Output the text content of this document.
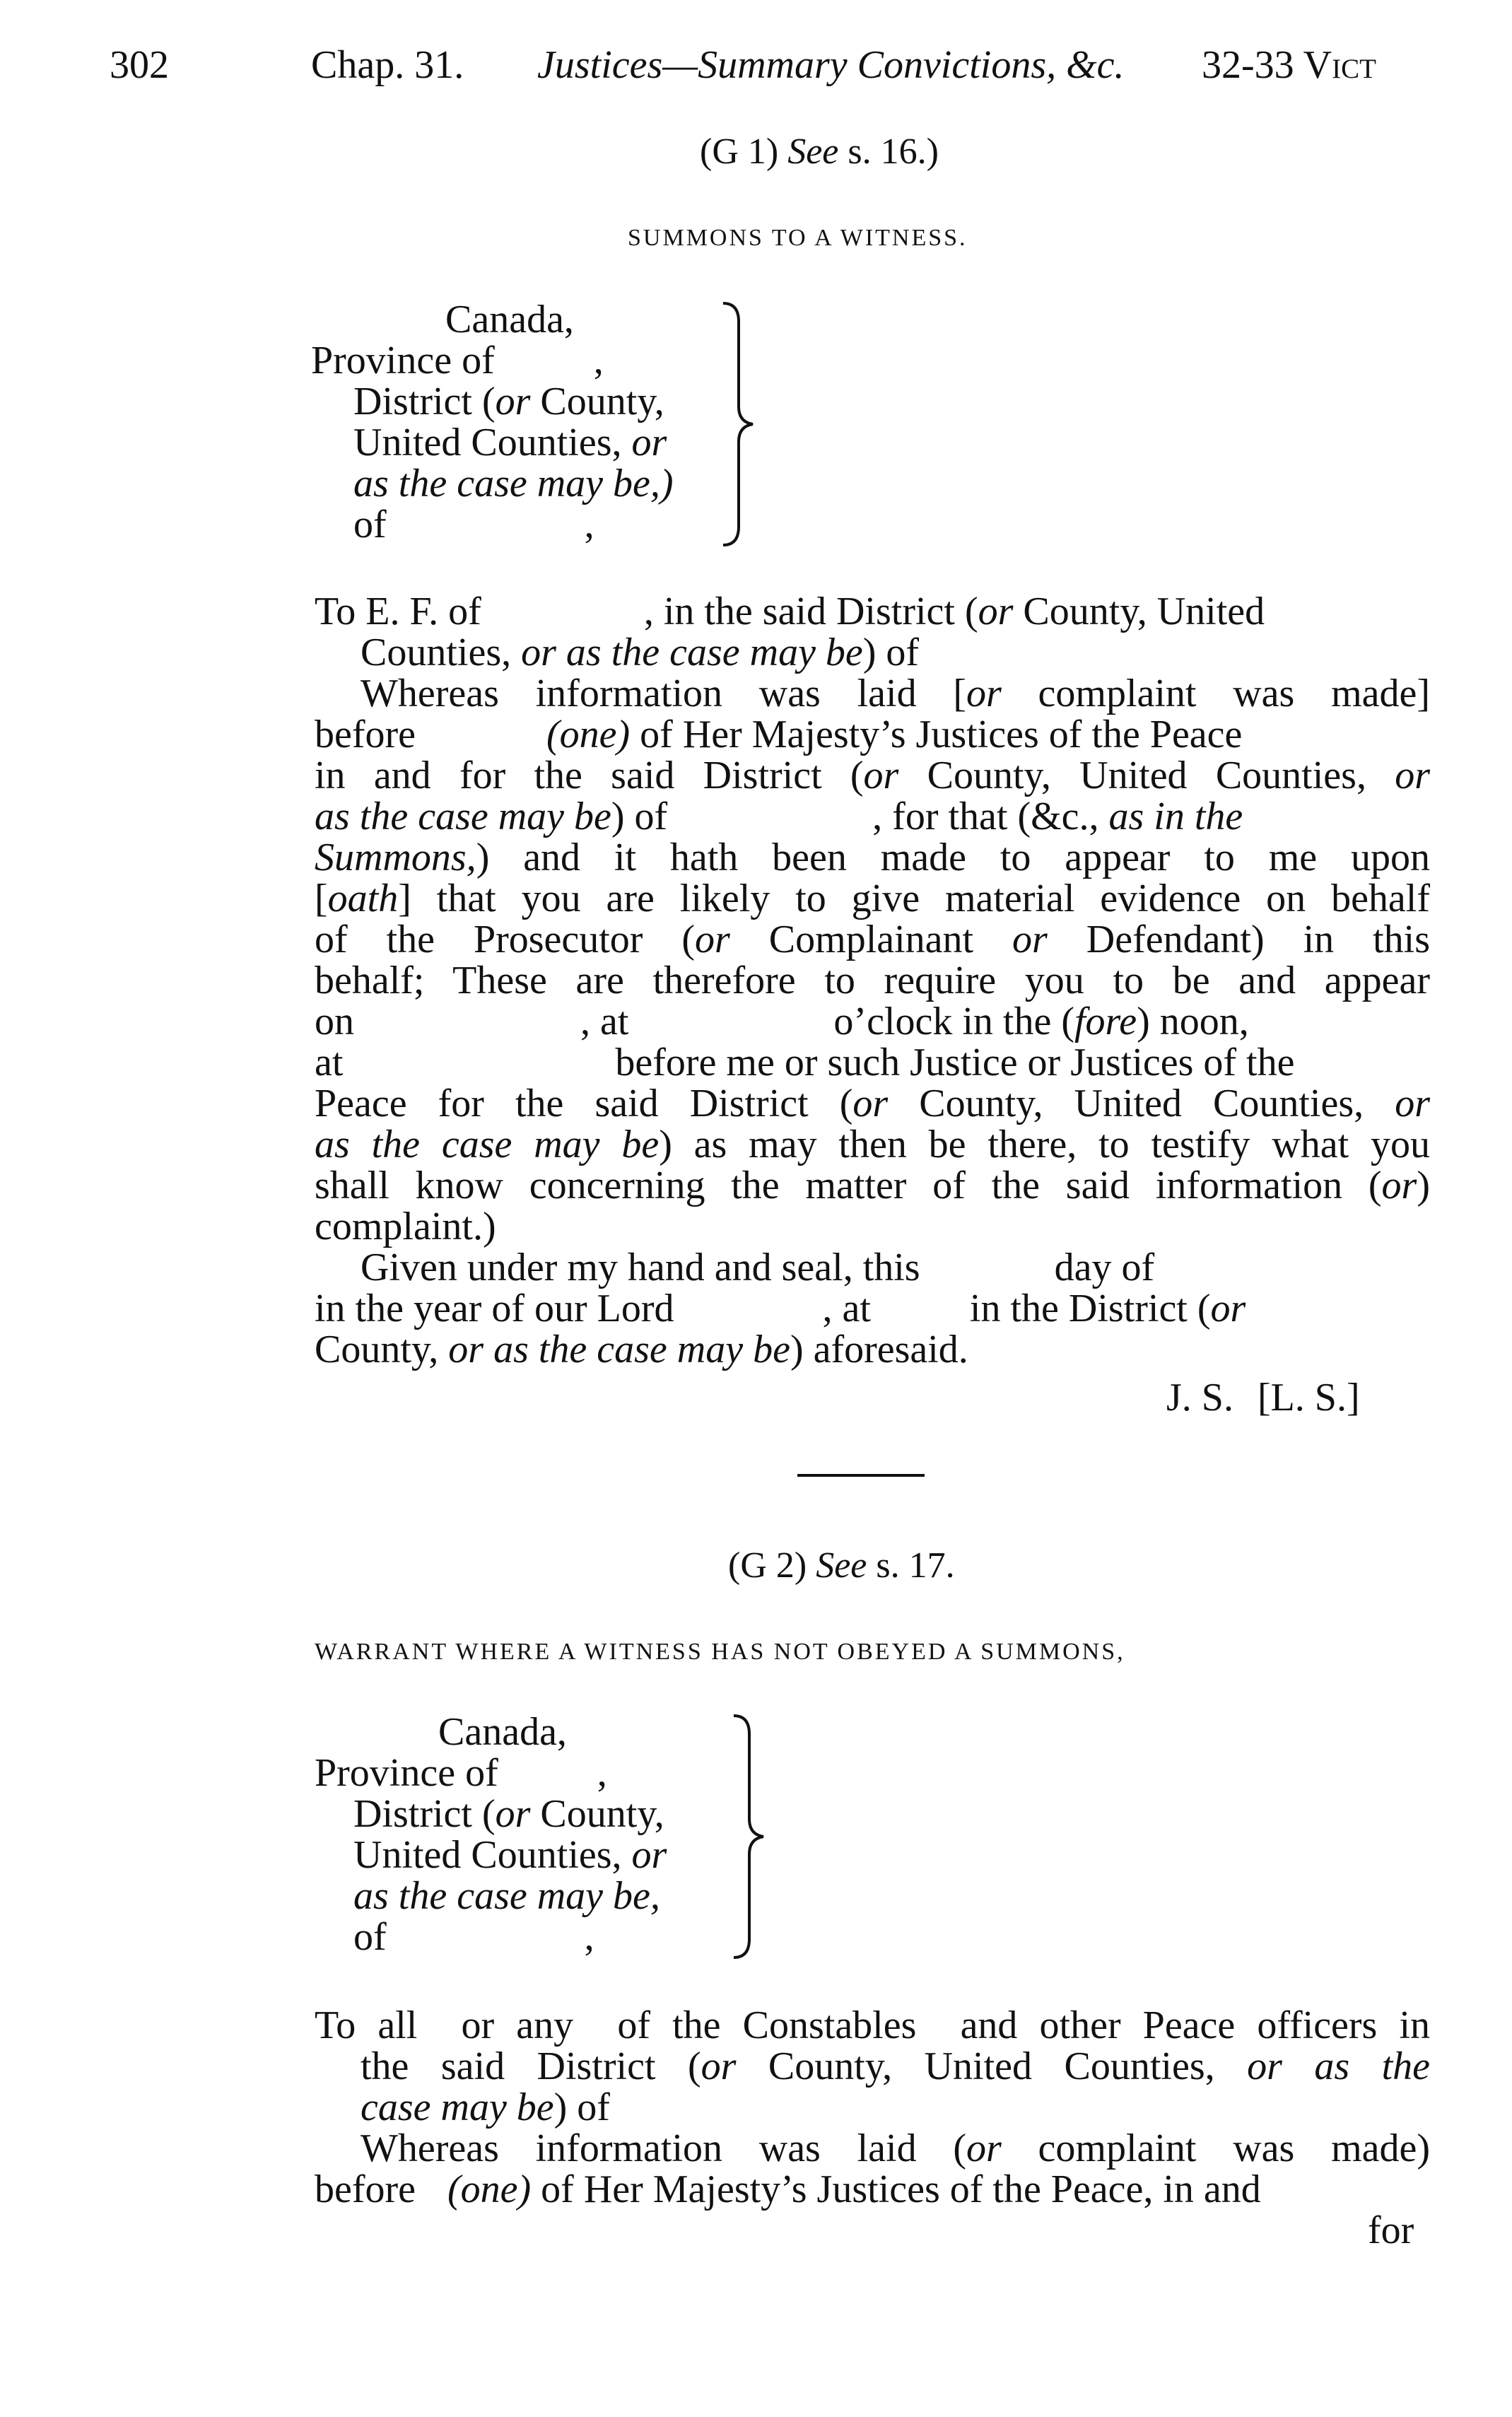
302	Chap. 31. Justices—Summary Convictions, &c. 32-33 Vict
(G 1) See s. 16.)
SUMMONS TO A WITNESS.
Canada,
Province of          ,
District (or County,
United Counties, or
as the case may be,)
of                    ,
To E. F. of	, in the said District (or County, United
Counties, or as the case may be) of
Whereas information was laid [or complaint was made]
before	(one) of Her Majesty’s Justices of the Peace
in and for the said District (or County, United Counties, or
as the case may be) of	, for that (&c., as in the
Summons,) and it hath been made to appear to me upon
[oath] that you are likely to give material evidence on behalf
of the Prosecutor (or Complainant or Defendant) in this
behalf; These are therefore to require you to be and appear
on	, at	o’clock in the (fore) noon,
at	before me or such Justice or Justices of the
Peace for the said District (or County, United Counties, or
as the case may be) as may then be there, to testify what you
shall know concerning the matter of the said information (or)
complaint.)
Given under my hand and seal, this	day of
in the year of our Lord	, at	in the District (or
County, or as the case may be) aforesaid.
J. S. [L. S.]
(G 2) See s. 17.
WARRANT WHERE A WITNESS HAS NOT OBEYED A SUMMONS,
Canada,
Province of          ,
District (or County,
United Counties, or
as the case may be,
of                    ,
To all  or any  of the Constables  and other Peace officers in
the said District (or County, United Counties, or as the
case may be) of
Whereas information was laid (or complaint was made)
before (one) of Her Majesty’s Justices of the Peace, in and
for
